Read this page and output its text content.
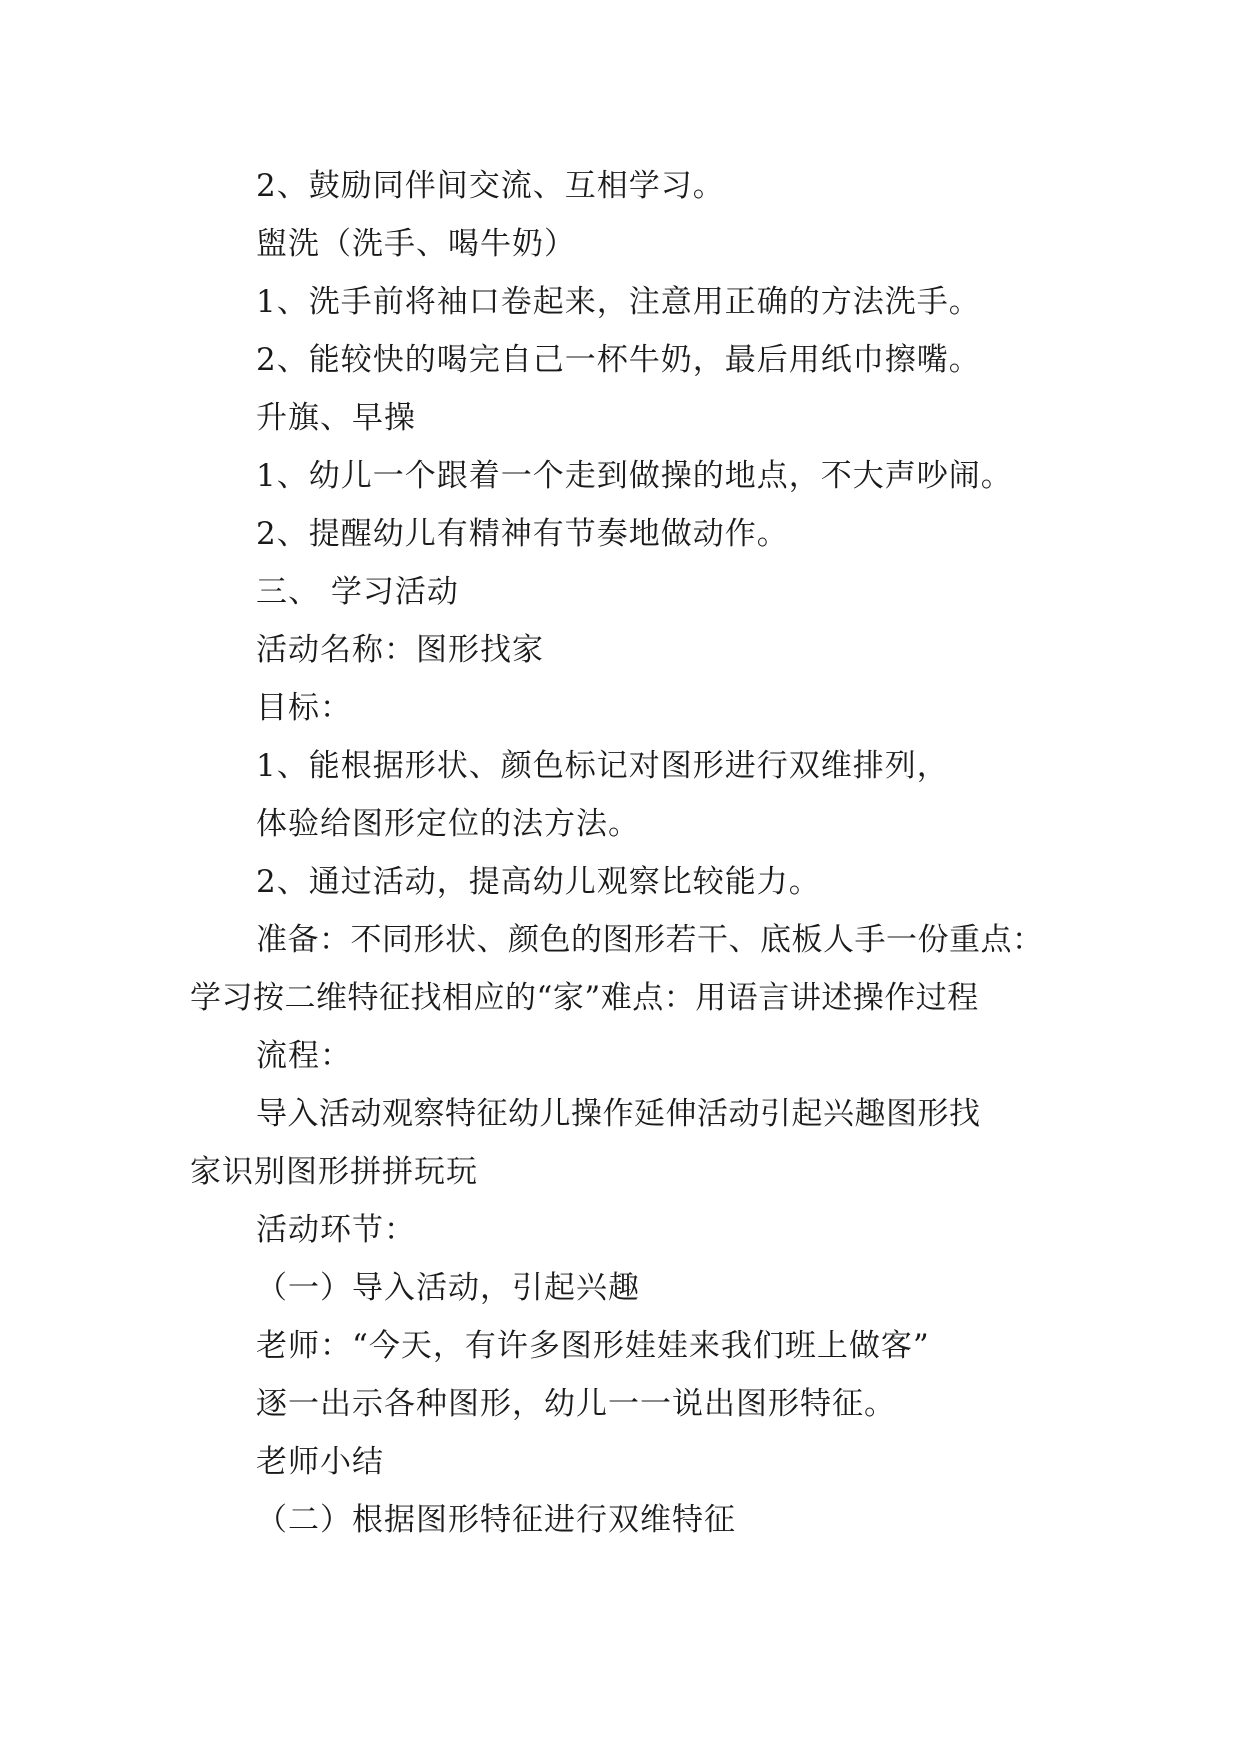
2、鼓励同伴间交流、互相学习。
盥洗（洗手、喝牛奶）
1、洗手前将袖口卷起来，注意用正确的方法洗手。
2、能较快的喝完自己一杯牛奶，最后用纸巾擦嘴。
升旗、早操
1、幼儿一个跟着一个走到做操的地点，不大声吵闹。
2、提醒幼儿有精神有节奏地做动作。
三、 学习活动
活动名称：图形找家
目标：
1、能根据形状、颜色标记对图形进行双维排列，
体验给图形定位的法方法。
2、通过活动，提高幼儿观察比较能力。
准备：不同形状、颜色的图形若干、底板人手一份重点：
学习按二维特征找相应的“家”难点：用语言讲述操作过程
流程：
导入活动观察特征幼儿操作延伸活动引起兴趣图形找
家识别图形拼拼玩玩
活动环节：
（一）导入活动，引起兴趣
老师：“今天，有许多图形娃娃来我们班上做客”
逐一出示各种图形，幼儿一一说出图形特征。
老师小结
（二）根据图形特征进行双维特征
